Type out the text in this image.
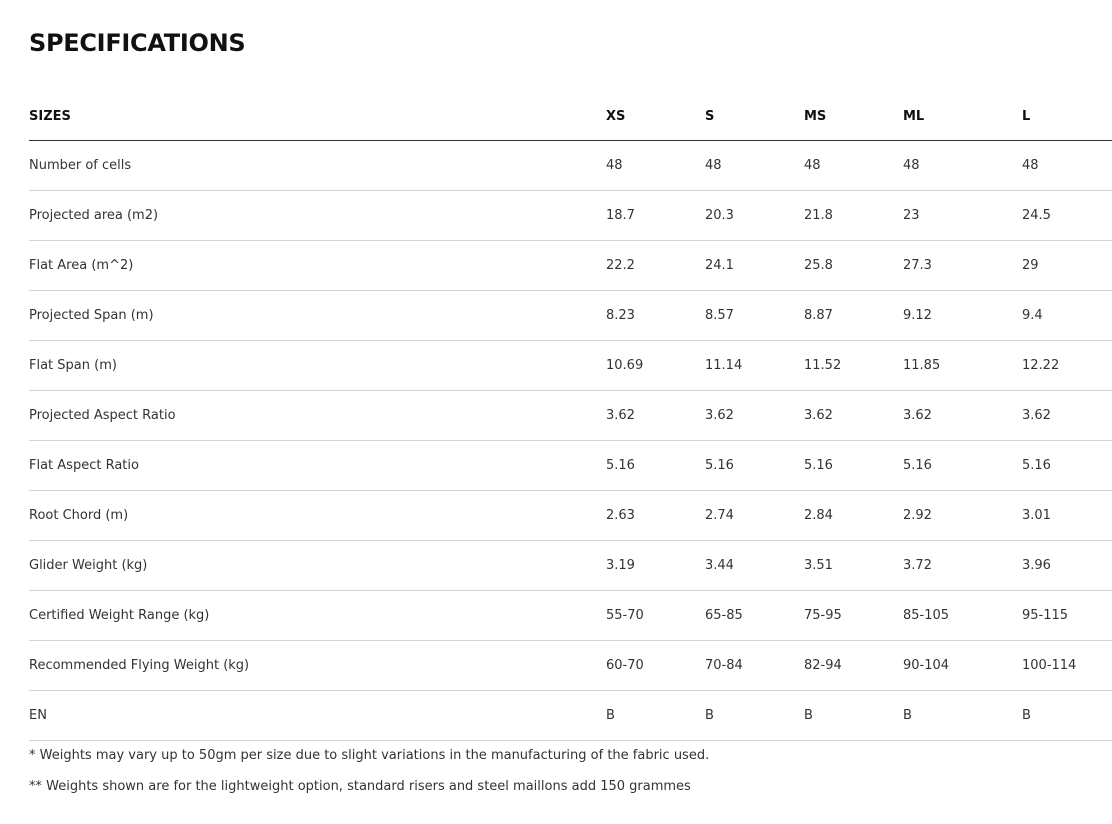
SPECIFICATIONS
SIZES	XS	S	MS	ML	L
Number of cells	48	48	48	48	48
Projected area (m2)	18.7	20.3	21.8	23	24.5
Flat Area (m^2)	22.2	24.1	25.8	27.3	29
Projected Span (m)	8.23	8.57	8.87	9.12	9.4
Flat Span (m)	10.69	11.14	11.52	11.85	12.22
Projected Aspect Ratio	3.62	3.62	3.62	3.62	3.62
Flat Aspect Ratio	5.16	5.16	5.16	5.16	5.16
Root Chord (m)	2.63	2.74	2.84	2.92	3.01
Glider Weight (kg)	3.19	3.44	3.51	3.72	3.96
Certified Weight Range (kg)	55-70	65-85	75-95	85-105	95-115
Recommended Flying Weight (kg)	60-70	70-84	82-94	90-104	100-114
EN	B	B	B	B	B

* Weights may vary up to 50gm per size due to slight variations in the manufacturing of the fabric used.

** Weights shown are for the lightweight option, standard risers and steel maillons add 150 grammes
